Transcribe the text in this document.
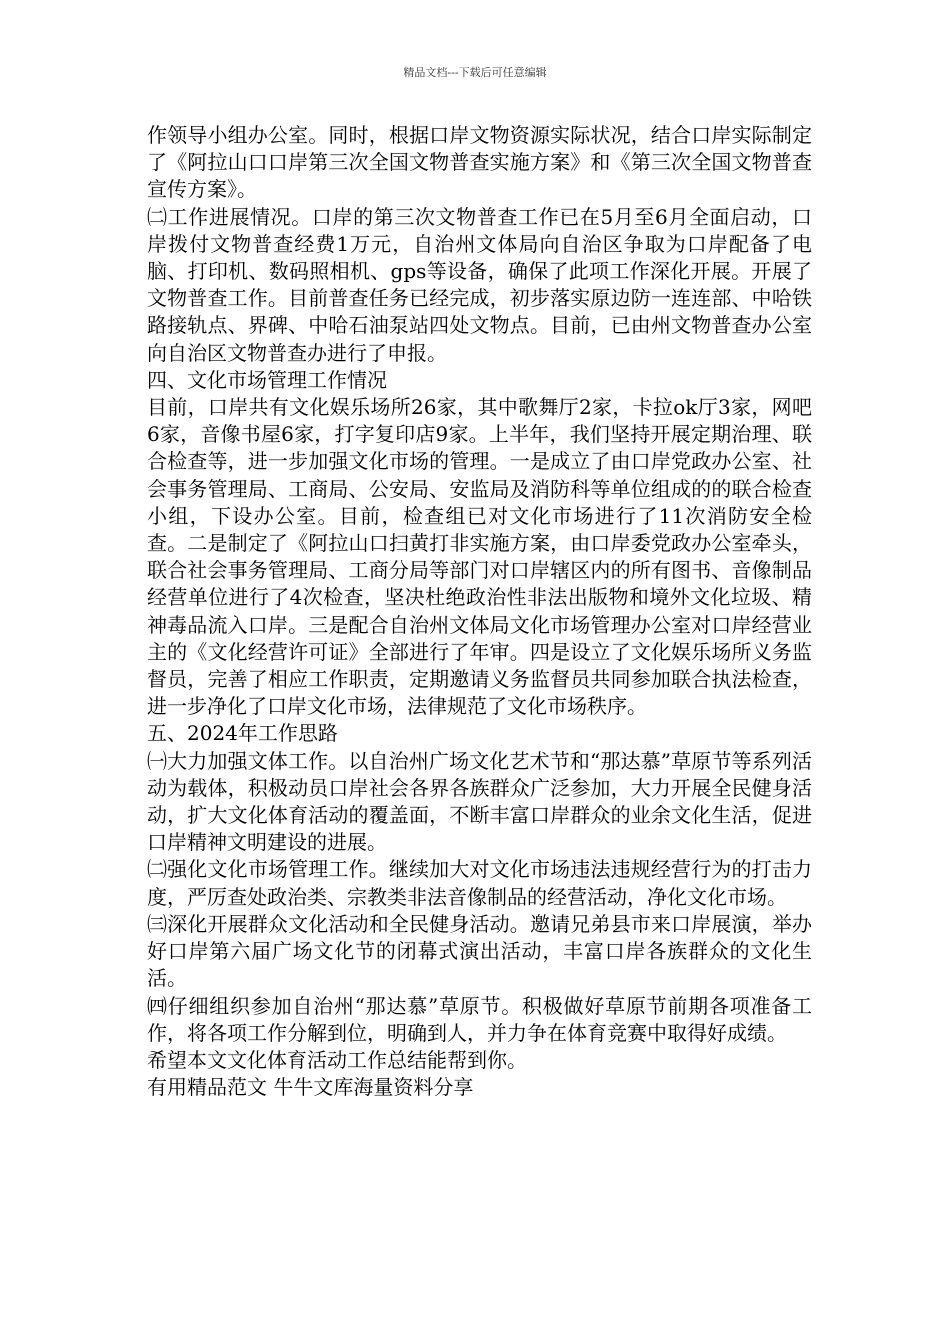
精品文档---下载后可任意编辑

作领导小组办公室。同时，根据口岸文物资源实际状况，结合口岸实际制定了《阿拉山口口岸第三次全国文物普查实施方案》和《第三次全国文物普查宣传方案》。

㈡工作进展情况。口岸的第三次文物普查工作已在5月至6月全面启动，口岸拨付文物普查经费1万元，自治州文体局向自治区争取为口岸配备了电脑、打印机、数码照相机、gps等设备，确保了此项工作深化开展。开展了文物普查工作。目前普查任务已经完成，初步落实原边防一连连部、中哈铁路接轨点、界碑、中哈石油泵站四处文物点。目前，已由州文物普查办公室向自治区文物普查办进行了申报。

四、文化市场管理工作情况

目前，口岸共有文化娱乐场所26家，其中歌舞厅2家，卡拉ok厅3家，网吧6家，音像书屋6家，打字复印店9家。上半年，我们坚持开展定期治理、联合检查等，进一步加强文化市场的管理。一是成立了由口岸党政办公室、社会事务管理局、工商局、公安局、安监局及消防科等单位组成的的联合检查小组，下设办公室。目前，检查组已对文化市场进行了11次消防安全检查。二是制定了《阿拉山口扫黄打非实施方案，由口岸委党政办公室牵头，联合社会事务管理局、工商分局等部门对口岸辖区内的所有图书、音像制品经营单位进行了4次检查，坚决杜绝政治性非法出版物和境外文化垃圾、精神毒品流入口岸。三是配合自治州文体局文化市场管理办公室对口岸经营业主的《文化经营许可证》全部进行了年审。四是设立了文化娱乐场所义务监督员，完善了相应工作职责，定期邀请义务监督员共同参加联合执法检查，进一步净化了口岸文化市场，法律规范了文化市场秩序。

五、2024年工作思路

㈠大力加强文体工作。以自治州广场文化艺术节和“那达慕”草原节等系列活动为载体，积极动员口岸社会各界各族群众广泛参加，大力开展全民健身活动，扩大文化体育活动的覆盖面，不断丰富口岸群众的业余文化生活，促进口岸精神文明建设的进展。

㈡强化文化市场管理工作。继续加大对文化市场违法违规经营行为的打击力度，严厉查处政治类、宗教类非法音像制品的经营活动，净化文化市场。

㈢深化开展群众文化活动和全民健身活动。邀请兄弟县市来口岸展演，举办好口岸第六届广场文化节的闭幕式演出活动，丰富口岸各族群众的文化生活。

㈣仔细组织参加自治州“那达慕”草原节。积极做好草原节前期各项准备工作，将各项工作分解到位，明确到人，并力争在体育竞赛中取得好成绩。

希望本文文化体育活动工作总结能帮到你。

有用精品范文 牛牛文库海量资料分享
